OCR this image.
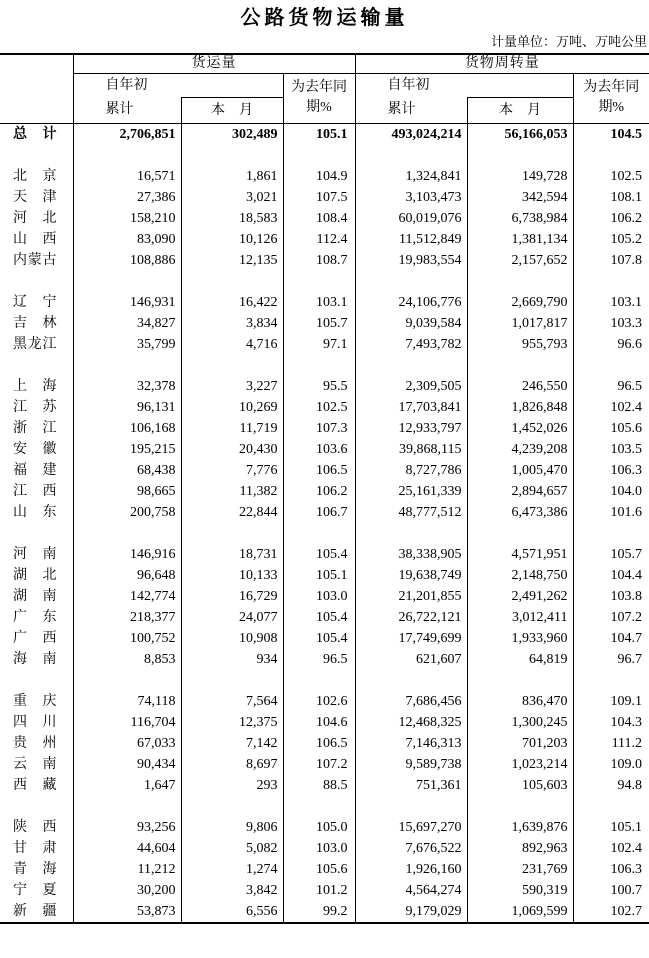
公路货物运输量
计量单位：万吨、万吨公里
	货运量			货物周转量		
	自年初		为去年同期%	自年初		为去年同期%
	累计	本　月		累计	本　月	
总计	2,706,851	302,489	105.1	493,024,214	56,166,053	104.5

北京	16,571	1,861	104.9	1,324,841	149,728	102.5
天津	27,386	3,021	107.5	3,103,473	342,594	108.1
河北	158,210	18,583	108.4	60,019,076	6,738,984	106.2
山西	83,090	10,126	112.4	11,512,849	1,381,134	105.2
内蒙古	108,886	12,135	108.7	19,983,554	2,157,652	107.8

辽宁	146,931	16,422	103.1	24,106,776	2,669,790	103.1
吉林	34,827	3,834	105.7	9,039,584	1,017,817	103.3
黑龙江	35,799	4,716	97.1	7,493,782	955,793	96.6

上海	32,378	3,227	95.5	2,309,505	246,550	96.5
江苏	96,131	10,269	102.5	17,703,841	1,826,848	102.4
浙江	106,168	11,719	107.3	12,933,797	1,452,026	105.6
安徽	195,215	20,430	103.6	39,868,115	4,239,208	103.5
福建	68,438	7,776	106.5	8,727,786	1,005,470	106.3
江西	98,665	11,382	106.2	25,161,339	2,894,657	104.0
山东	200,758	22,844	106.7	48,777,512	6,473,386	101.6

河南	146,916	18,731	105.4	38,338,905	4,571,951	105.7
湖北	96,648	10,133	105.1	19,638,749	2,148,750	104.4
湖南	142,774	16,729	103.0	21,201,855	2,491,262	103.8
广东	218,377	24,077	105.4	26,722,121	3,012,411	107.2
广西	100,752	10,908	105.4	17,749,699	1,933,960	104.7
海南	8,853	934	96.5	621,607	64,819	96.7

重庆	74,118	7,564	102.6	7,686,456	836,470	109.1
四川	116,704	12,375	104.6	12,468,325	1,300,245	104.3
贵州	67,033	7,142	106.5	7,146,313	701,203	111.2
云南	90,434	8,697	107.2	9,589,738	1,023,214	109.0
西藏	1,647	293	88.5	751,361	105,603	94.8

陕西	93,256	9,806	105.0	15,697,270	1,639,876	105.1
甘肃	44,604	5,082	103.0	7,676,522	892,963	102.4
青海	11,212	1,274	105.6	1,926,160	231,769	106.3
宁夏	30,200	3,842	101.2	4,564,274	590,319	100.7
新疆	53,873	6,556	99.2	9,179,029	1,069,599	102.7
